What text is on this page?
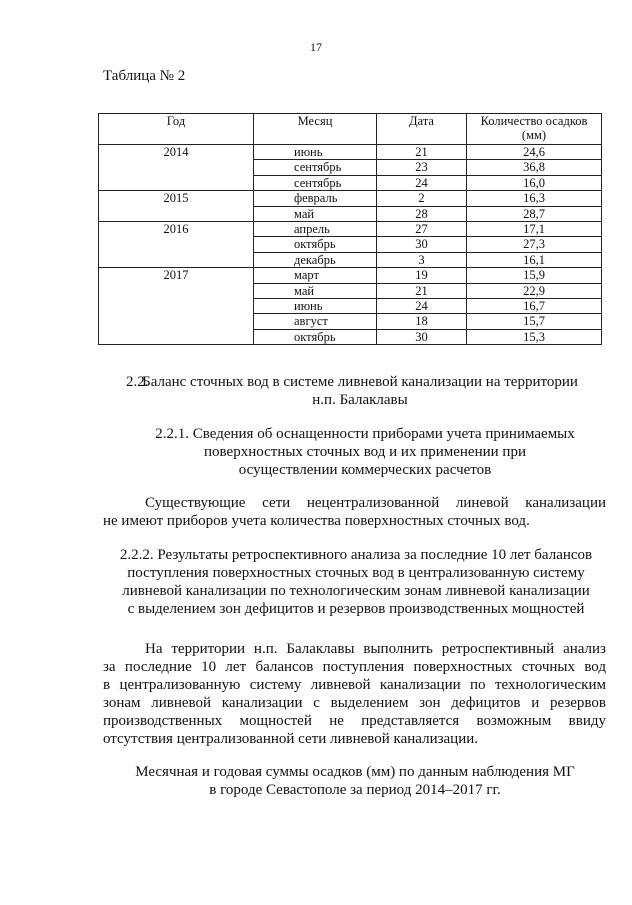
17
Таблица № 2
Год	Месяц	Дата	Количество осадков (мм)
2014	июнь	21	24,6
	сентябрь	23	36,8
	сентябрь	24	16,0
2015	февраль	2	16,3
	май	28	28,7
2016	апрель	27	17,1
	октябрь	30	27,3
	декабрь	3	16,1
2017	март	19	15,9
	май	21	22,9
	июнь	24	16,7
	август	18	15,7
	октябрь	30	15,3
2.2.
Баланс сточных вод в системе ливневой канализации на территории
н.п. Балаклавы
2.2.1. Сведения об оснащенности приборами учета принимаемых
поверхностных сточных вод и их применении при
осуществлении коммерческих расчетов
Существующие сети нецентрализованной линевой канализации
не имеют приборов учета количества поверхностных сточных вод.
2.2.2. Результаты ретроспективного анализа за последние 10 лет балансов
поступления поверхностных сточных вод в централизованную систему
ливневой канализации по технологическим зонам ливневой канализации
с выделением зон дефицитов и резервов производственных мощностей
На территории н.п. Балаклавы выполнить ретроспективный анализ
за последние 10 лет балансов поступления поверхностных сточных вод
в централизованную систему ливневой канализации по технологическим
зонам ливневой канализации с выделением зон дефицитов и резервов
производственных мощностей не представляется возможным ввиду
отсутствия централизованной сети ливневой канализации.
Месячная и годовая суммы осадков (мм) по данным наблюдения МГ
в городе Севастополе за период 2014–2017 гг.
